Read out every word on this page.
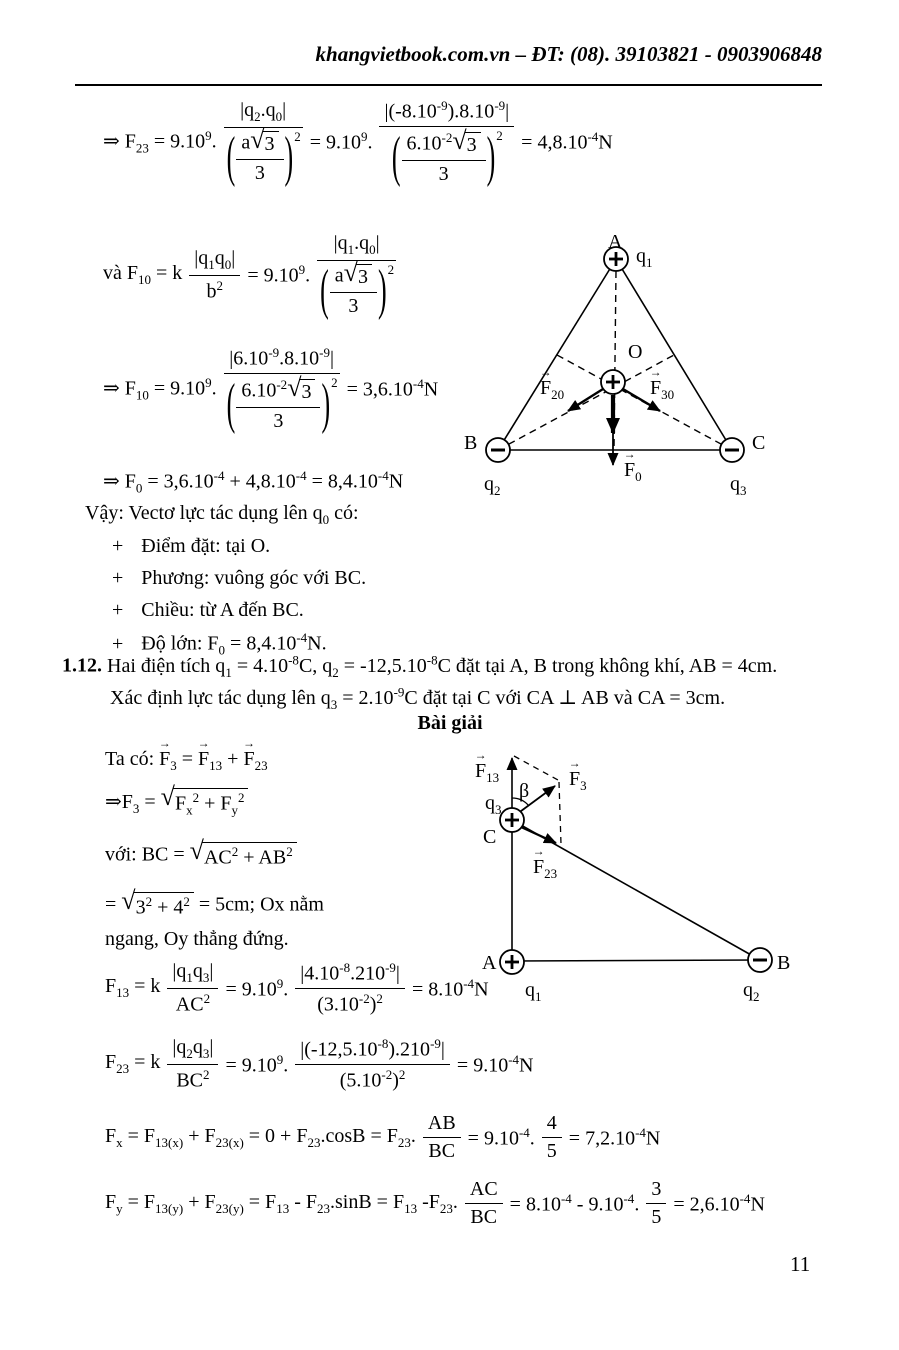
khangvietbook.com.vn – ĐT: (08). 39103821 - 0903906848
⇒ $F_{23} = 9.10^9$.
$|q_2.q_0|$
( $\frac{a √ 3}{3}$ ) $2 = 9.10^9$.
$|(-8.10^{-9}).8.10^{-9}|$
( $\frac{6.10^{-2} √ 3}{3}$ ) $2 = 4,8.10^{-4}N$
và $F_{10} = k \frac{|q_1q_0|}{b^2} = 9.10^9$.
$|q_1.q_0|$
( $\frac{a √ 3}{3}$ ) 2
⇒ $F_{10} = 9.10^9$.
$|6.10^{-9}.8.10^{-9}|$
( $\frac{6.10^{-2} √ 3}{3}$ ) $2 = 3,6.10^{-4}N$
⇒ $F_0 = 3,6.10^{-4} + 4,8.10^{-4} = 8,4.10^{-4}N$
Vậy: Vectơ lực tác dụng lên $q_0$ có:
+ Điểm đặt: tại O.
+ Phương: vuông góc với BC.
+ Chiều: từ A đến BC.
+ Độ lớn: $F_0 = 8,4.10^{-4}N$.
A
$q_1$
O
→
$F_{20}$
→
$F_{30}$
B	C
$q_2$	$q_3$
→
$F_0$
1.12. Hai điện tích $q_1 = 4.10^{-8}C$, $q_2 = -12,5.10^{-8}C$ đặt tại A, B trong không khí, AB = 4cm.
Xác định lực tác dụng lên $q_3 = 2.10^{-9}C$ đặt tại C với CA ⊥ AB và CA = 3cm.
Bài giải
Ta có:
→
$F_3$ =
→
$F_{13}$ +
→
$F_{23}$
$\Rightarrow F_3$ = √ $F_x^2 + F_y^2$
với: BC = √ $AC^2 + AB^2$
= √ $3^2 + 4^2 = 5cm$; Ox nằm
ngang, Oy thẳng đứng.
→
$F_{13}$
β
$q_3$
C
→
$F_3$
→
$F_{23}$
A	B
$q_1$	$q_2$
$F_{13} = k \frac{|q_1q_3|}{AC^2} = 9.10^9$. $\frac{|4.10^{-8}.210^{-9}|}{(3.10^{-2})^2} = 8.10^{-4}N$
$F_{23} = k \frac{|q_2q_3|}{BC^2} = 9.10^9$. $\frac{|(-12,5.10^{-8}).210^{-9}|}{(5.10^{-2})^2} = 9.10^{-4}N$
$F_x = F_{13(x)} + F_{23(x)} = 0 + F_{23}.\cos B = F_{23}$. $\frac{AB}{BC} = 9.10^{-4}$. $\frac{4}{5} = 7,2.10^{-4}N$
$F_y = F_{13(y)} + F_{23(y)} = F_{13} - F_{23}.\sin B = F_{13}$ $-F_{23}$. $\frac{AC}{BC} = 8.10^{-4} - 9.10^{-4}$. $\frac{3}{5} = 2,6.10^{-4}N$
11
